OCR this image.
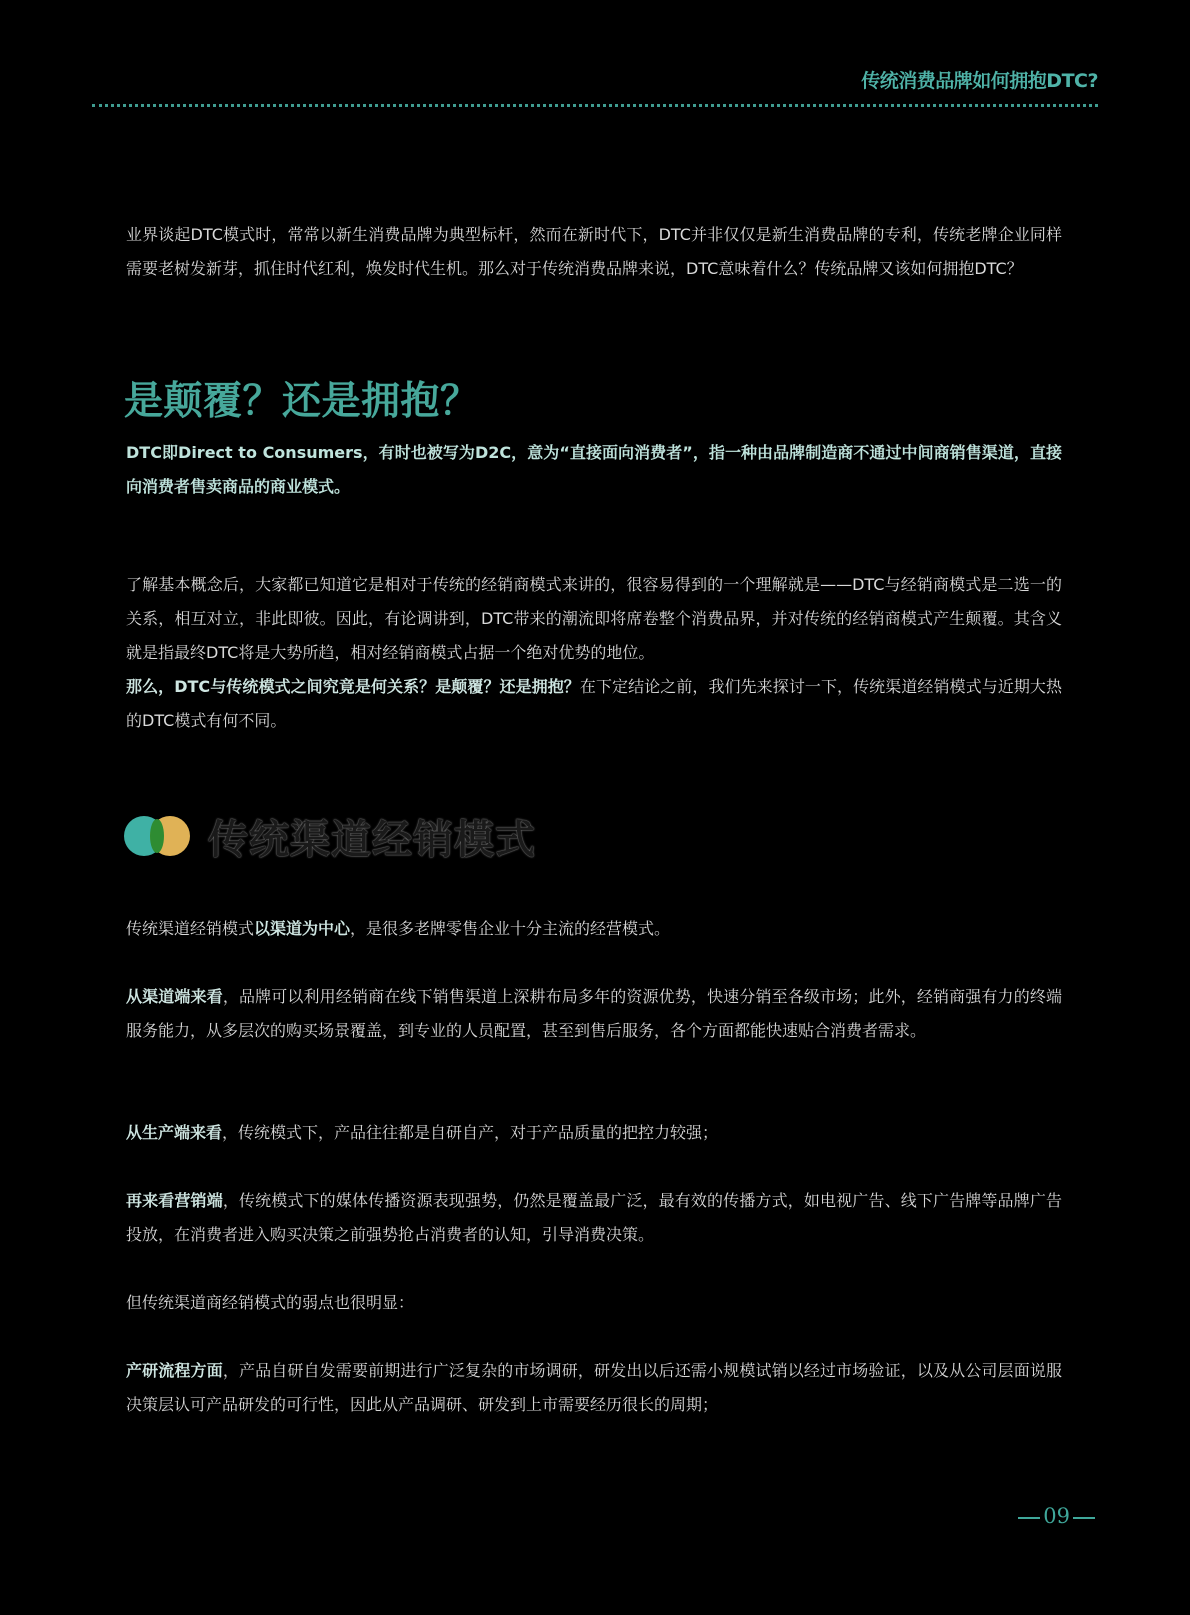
传统消费品牌如何拥抱DTC?

业界谈起DTC模式时，常常以新生消费品牌为典型标杆，然而在新时代下，DTC并非仅仅是新生消费品牌的专利，传统老牌企业同样需要老树发新芽，抓住时代红利，焕发时代生机。那么对于传统消费品牌来说，DTC意味着什么？传统品牌又该如何拥抱DTC？

是颠覆？还是拥抱？

DTC即Direct to Consumers，有时也被写为D2C，意为“直接面向消费者”，指一种由品牌制造商不通过中间商销售渠道，直接向消费者售卖商品的商业模式。

了解基本概念后，大家都已知道它是相对于传统的经销商模式来讲的，很容易得到的一个理解就是——DTC与经销商模式是二选一的关系，相互对立，非此即彼。因此，有论调讲到，DTC带来的潮流即将席卷整个消费品界，并对传统的经销商模式产生颠覆。其含义就是指最终DTC将是大势所趋，相对经销商模式占据一个绝对优势的地位。

那么，DTC与传统模式之间究竟是何关系？是颠覆？还是拥抱？在下定结论之前，我们先来探讨一下，传统渠道经销模式与近期大热的DTC模式有何不同。

传统渠道经销模式

传统渠道经销模式以渠道为中心，是很多老牌零售企业十分主流的经营模式。

从渠道端来看，品牌可以利用经销商在线下销售渠道上深耕布局多年的资源优势，快速分销至各级市场；此外，经销商强有力的终端服务能力，从多层次的购买场景覆盖，到专业的人员配置，甚至到售后服务，各个方面都能快速贴合消费者需求。

从生产端来看，传统模式下，产品往往都是自研自产，对于产品质量的把控力较强；

再来看营销端，传统模式下的媒体传播资源表现强势，仍然是覆盖最广泛，最有效的传播方式，如电视广告、线下广告牌等品牌广告投放，在消费者进入购买决策之前强势抢占消费者的认知，引导消费决策。

但传统渠道商经销模式的弱点也很明显：

产研流程方面，产品自研自发需要前期进行广泛复杂的市场调研，研发出以后还需小规模试销以经过市场验证，以及从公司层面说服决策层认可产品研发的可行性，因此从产品调研、研发到上市需要经历很长的周期；

09
